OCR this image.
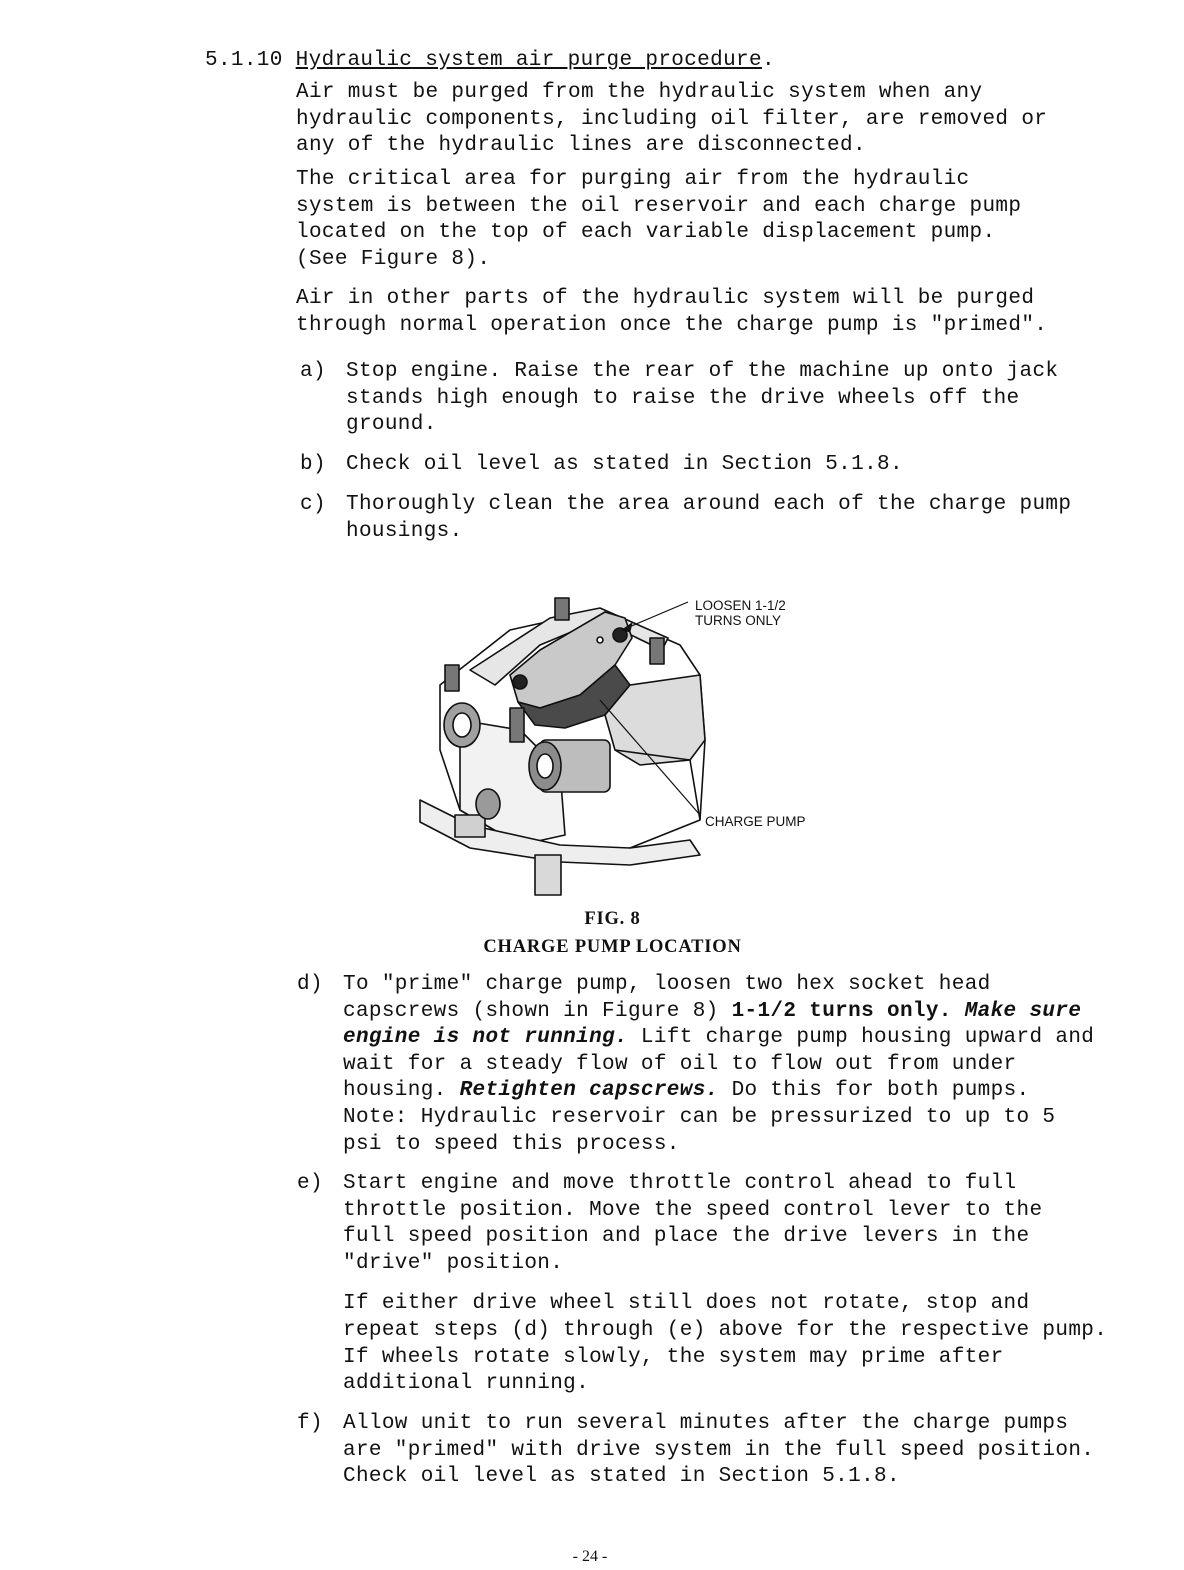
5.1.10 Hydraulic system air purge procedure.

Air must be purged from the hydraulic system when any hydraulic components, including oil filter, are removed or any of the hydraulic lines are disconnected.

The critical area for purging air from the hydraulic system is between the oil reservoir and each charge pump located on the top of each variable displacement pump. (See Figure 8).

Air in other parts of the hydraulic system will be purged through normal operation once the charge pump is "primed".

a) Stop engine. Raise the rear of the machine up onto jack stands high enough to raise the drive wheels off the ground.
b) Check oil level as stated in Section 5.1.8.
c) Thoroughly clean the area around each of the charge pump housings.
LOOSEN 1-1/2
TURNS ONLY
CHARGE PUMP
FIG. 8
CHARGE PUMP LOCATION
d) To "prime" charge pump, loosen two hex socket head capscrews (shown in Figure 8) 1-1/2 turns only. Make sure engine is not running. Lift charge pump housing upward and wait for a steady flow of oil to flow out from under housing. Retighten capscrews. Do this for both pumps. Note: Hydraulic reservoir can be pressurized to up to 5 psi to speed this process.
e) Start engine and move throttle control ahead to full throttle position. Move the speed control lever to the full speed position and place the drive levers in the "drive" position.

If either drive wheel still does not rotate, stop and repeat steps (d) through (e) above for the respective pump. If wheels rotate slowly, the system may prime after additional running.

f) Allow unit to run several minutes after the charge pumps are "primed" with drive system in the full speed position. Check oil level as stated in Section 5.1.8.
- 24 -
